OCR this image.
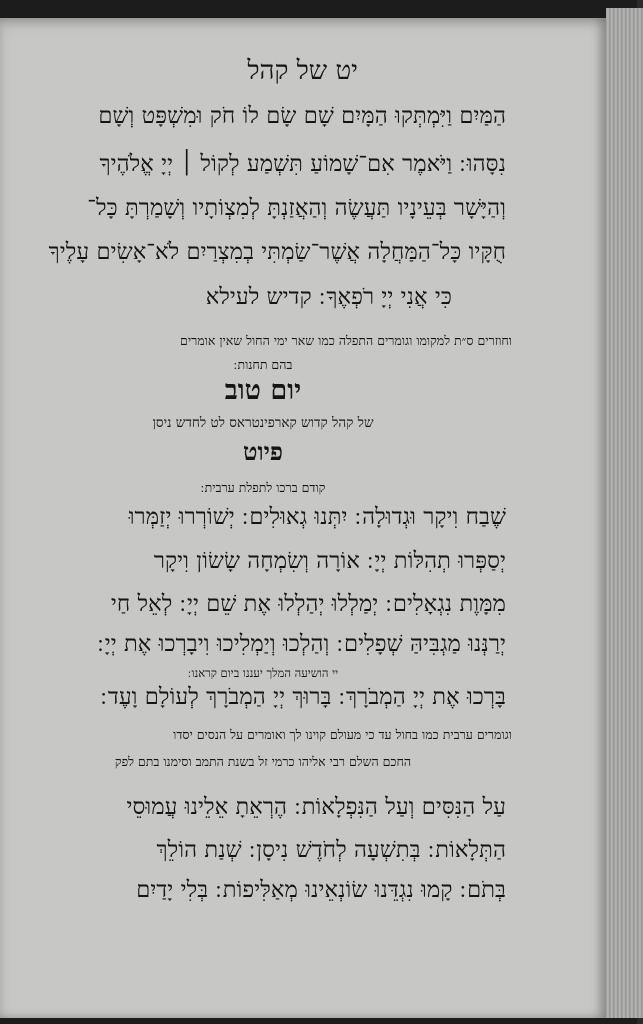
יט של קהל
הַמַּיִם וַיִּמְתְּקוּ הַמָּיִם שָׁם שָׂם לוֹ חֹק וּמִשְׁפָּט וְשָׁם
נִסָּהוּ ׃ וַיֹּאמֶר אִם־שָׁמוֹעַ תִּשְׁמַע לְקוֹל ׀ יְיָ אֱלֹהֶיךָ
וְהַיָּשָׁר בְּעֵינָיו תַּעֲשֶׂה וְהַאֲזַנְתָּ לְמִצְוֹתָיו וְשָׁמַרְתָּ כָּל־
חֻקָּיו כָּל־הַמַּחֲלָה אֲשֶׁר־שַׂמְתִּי בְמִצְרַיִם לֹא־אָשִׂים עָלֶיךָ
כִּי אֲנִי יְיָ רֹפְאֶךָ ׃ קדיש לעילא
וחוזרים ס״ת למקומו וגומרים התפלה כמו שאר ימי החול שאין אומרים
בהם תחנות ׃
יום טוב
של קהל קדוש קארפינטראס לט לחדש ניסן
פיוט
קודם ברכו לתפלת ערבית ׃
שֶׁבַח וִיקָר וּגְדוּלָה ׃ יִתְּנוּ גְאוּלִים ׃ יְשׁוֹרְרוּ יְזַמְּרוּ
יְסַפְּרוּ תְהִלּוֹת יְיָ ׃ אוֹרָה וְשִׂמְחָה שָׂשׂוֹן וִיקָר
מִמָּוֶת נִגְאָלִים ׃ יְמַלְלוּ יְהַלְלוּ אֶת שֵׁם יְיָ ׃ לְאֵל חַי
יְרַנְּנוּ מַגְבִּיהַּ שְׁפָלִים ׃ וְהַלְכוּ וְיַמְלִיכוּ וִיבָרְכוּ אֶת יְיָ ׃
יי הושיעה המלך יעננו ביום קראנו ׃
בָּרְכוּ אֶת יְיָ הַמְבֹרָךְ ׃ בָּרוּךְ יְיָ הַמְבֹרָךְ לְעוֹלָם וָעֶד ׃
וגומרים ערבית כמו בחול עד כי מעולם קוינו לך ואומרים על הנסים יסדו
החכם השלם רבי אליהו כרמי זל בשנת התמב וסימנו בתם לפק
עַל הַנִּסִּים וְעַל הַנִּפְלָאוֹת ׃ הֶרְאֵתָ אֵלֵינוּ עֲמוּסֵי
הַתְּלָאוֹת ׃ בְּתִשְׁעָה לְחֹדֶשׁ נִיסָן ׃ שְׁנַת הוֹלֵךְ
בְּתֹם ׃ קָמוּ נִגְדֵּנוּ שׂוֹנְאֵינוּ מְאַלִּיפוֹת ׃ בְּלִי יָדַיִם
